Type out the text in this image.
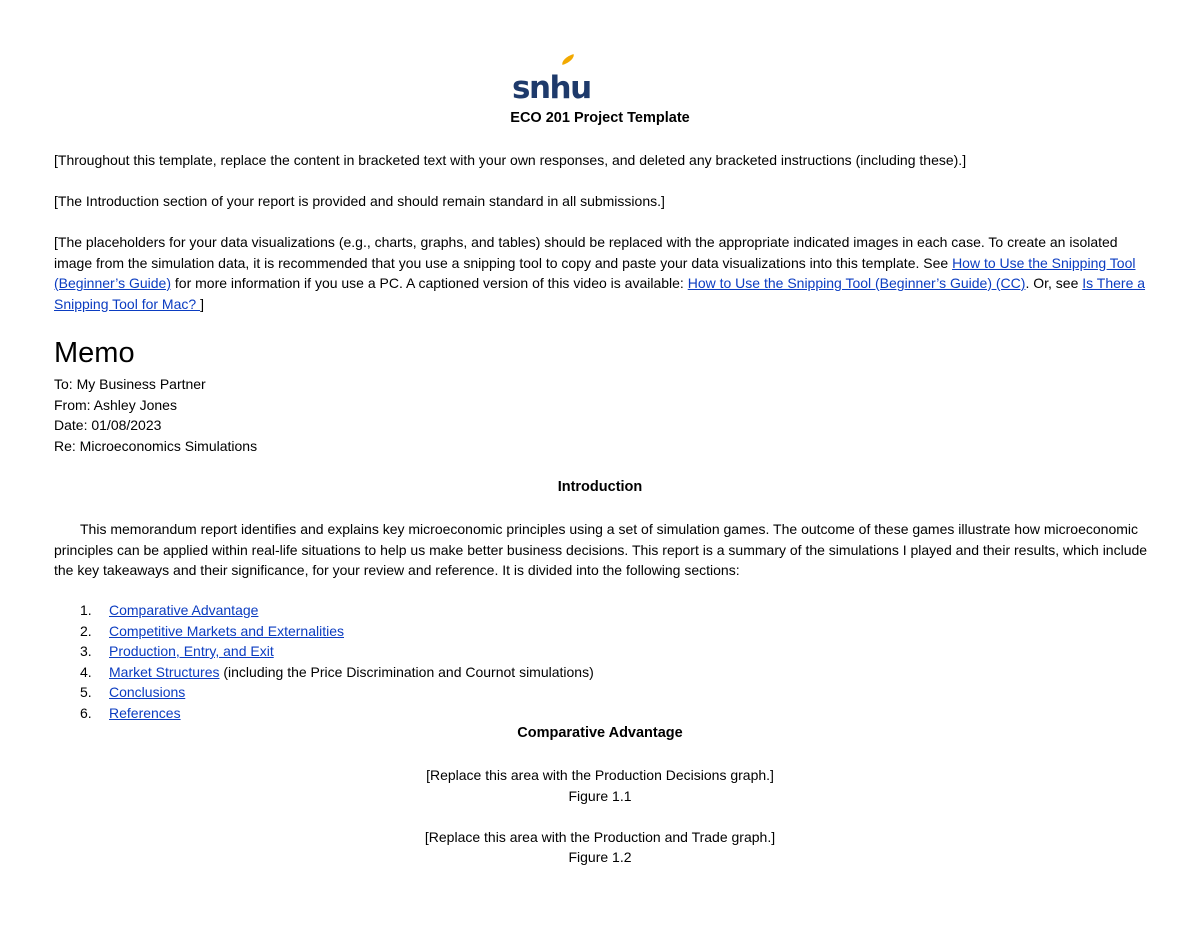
snhu
ECO 201 Project Template
[Throughout this template, replace the content in bracketed text with your own responses, and deleted any bracketed instructions (including these).]
[The Introduction section of your report is provided and should remain standard in all submissions.]
[The placeholders for your data visualizations (e.g., charts, graphs, and tables) should be replaced with the appropriate indicated images in each case. To create an isolated image from the simulation data, it is recommended that you use a snipping tool to copy and paste your data visualizations into this template. See How to Use the Snipping Tool (Beginner’s Guide) for more information if you use a PC. A captioned version of this video is available: How to Use the Snipping Tool (Beginner’s Guide) (CC). Or, see Is There a Snipping Tool for Mac? ]
Memo
To: My Business Partner
From: Ashley Jones
Date: 01/08/2023
Re: Microeconomics Simulations
Introduction
This memorandum report identifies and explains key microeconomic principles using a set of simulation games. The outcome of these games illustrate how microeconomic principles can be applied within real-life situations to help us make better business decisions. This report is a summary of the simulations I played and their results, which include the key takeaways and their significance, for your review and reference. It is divided into the following sections:
1. Comparative Advantage
2. Competitive Markets and Externalities
3. Production, Entry, and Exit
4. Market Structures (including the Price Discrimination and Cournot simulations)
5. Conclusions
6. References
Comparative Advantage
[Replace this area with the Production Decisions graph.]
Figure 1.1
[Replace this area with the Production and Trade graph.]
Figure 1.2
